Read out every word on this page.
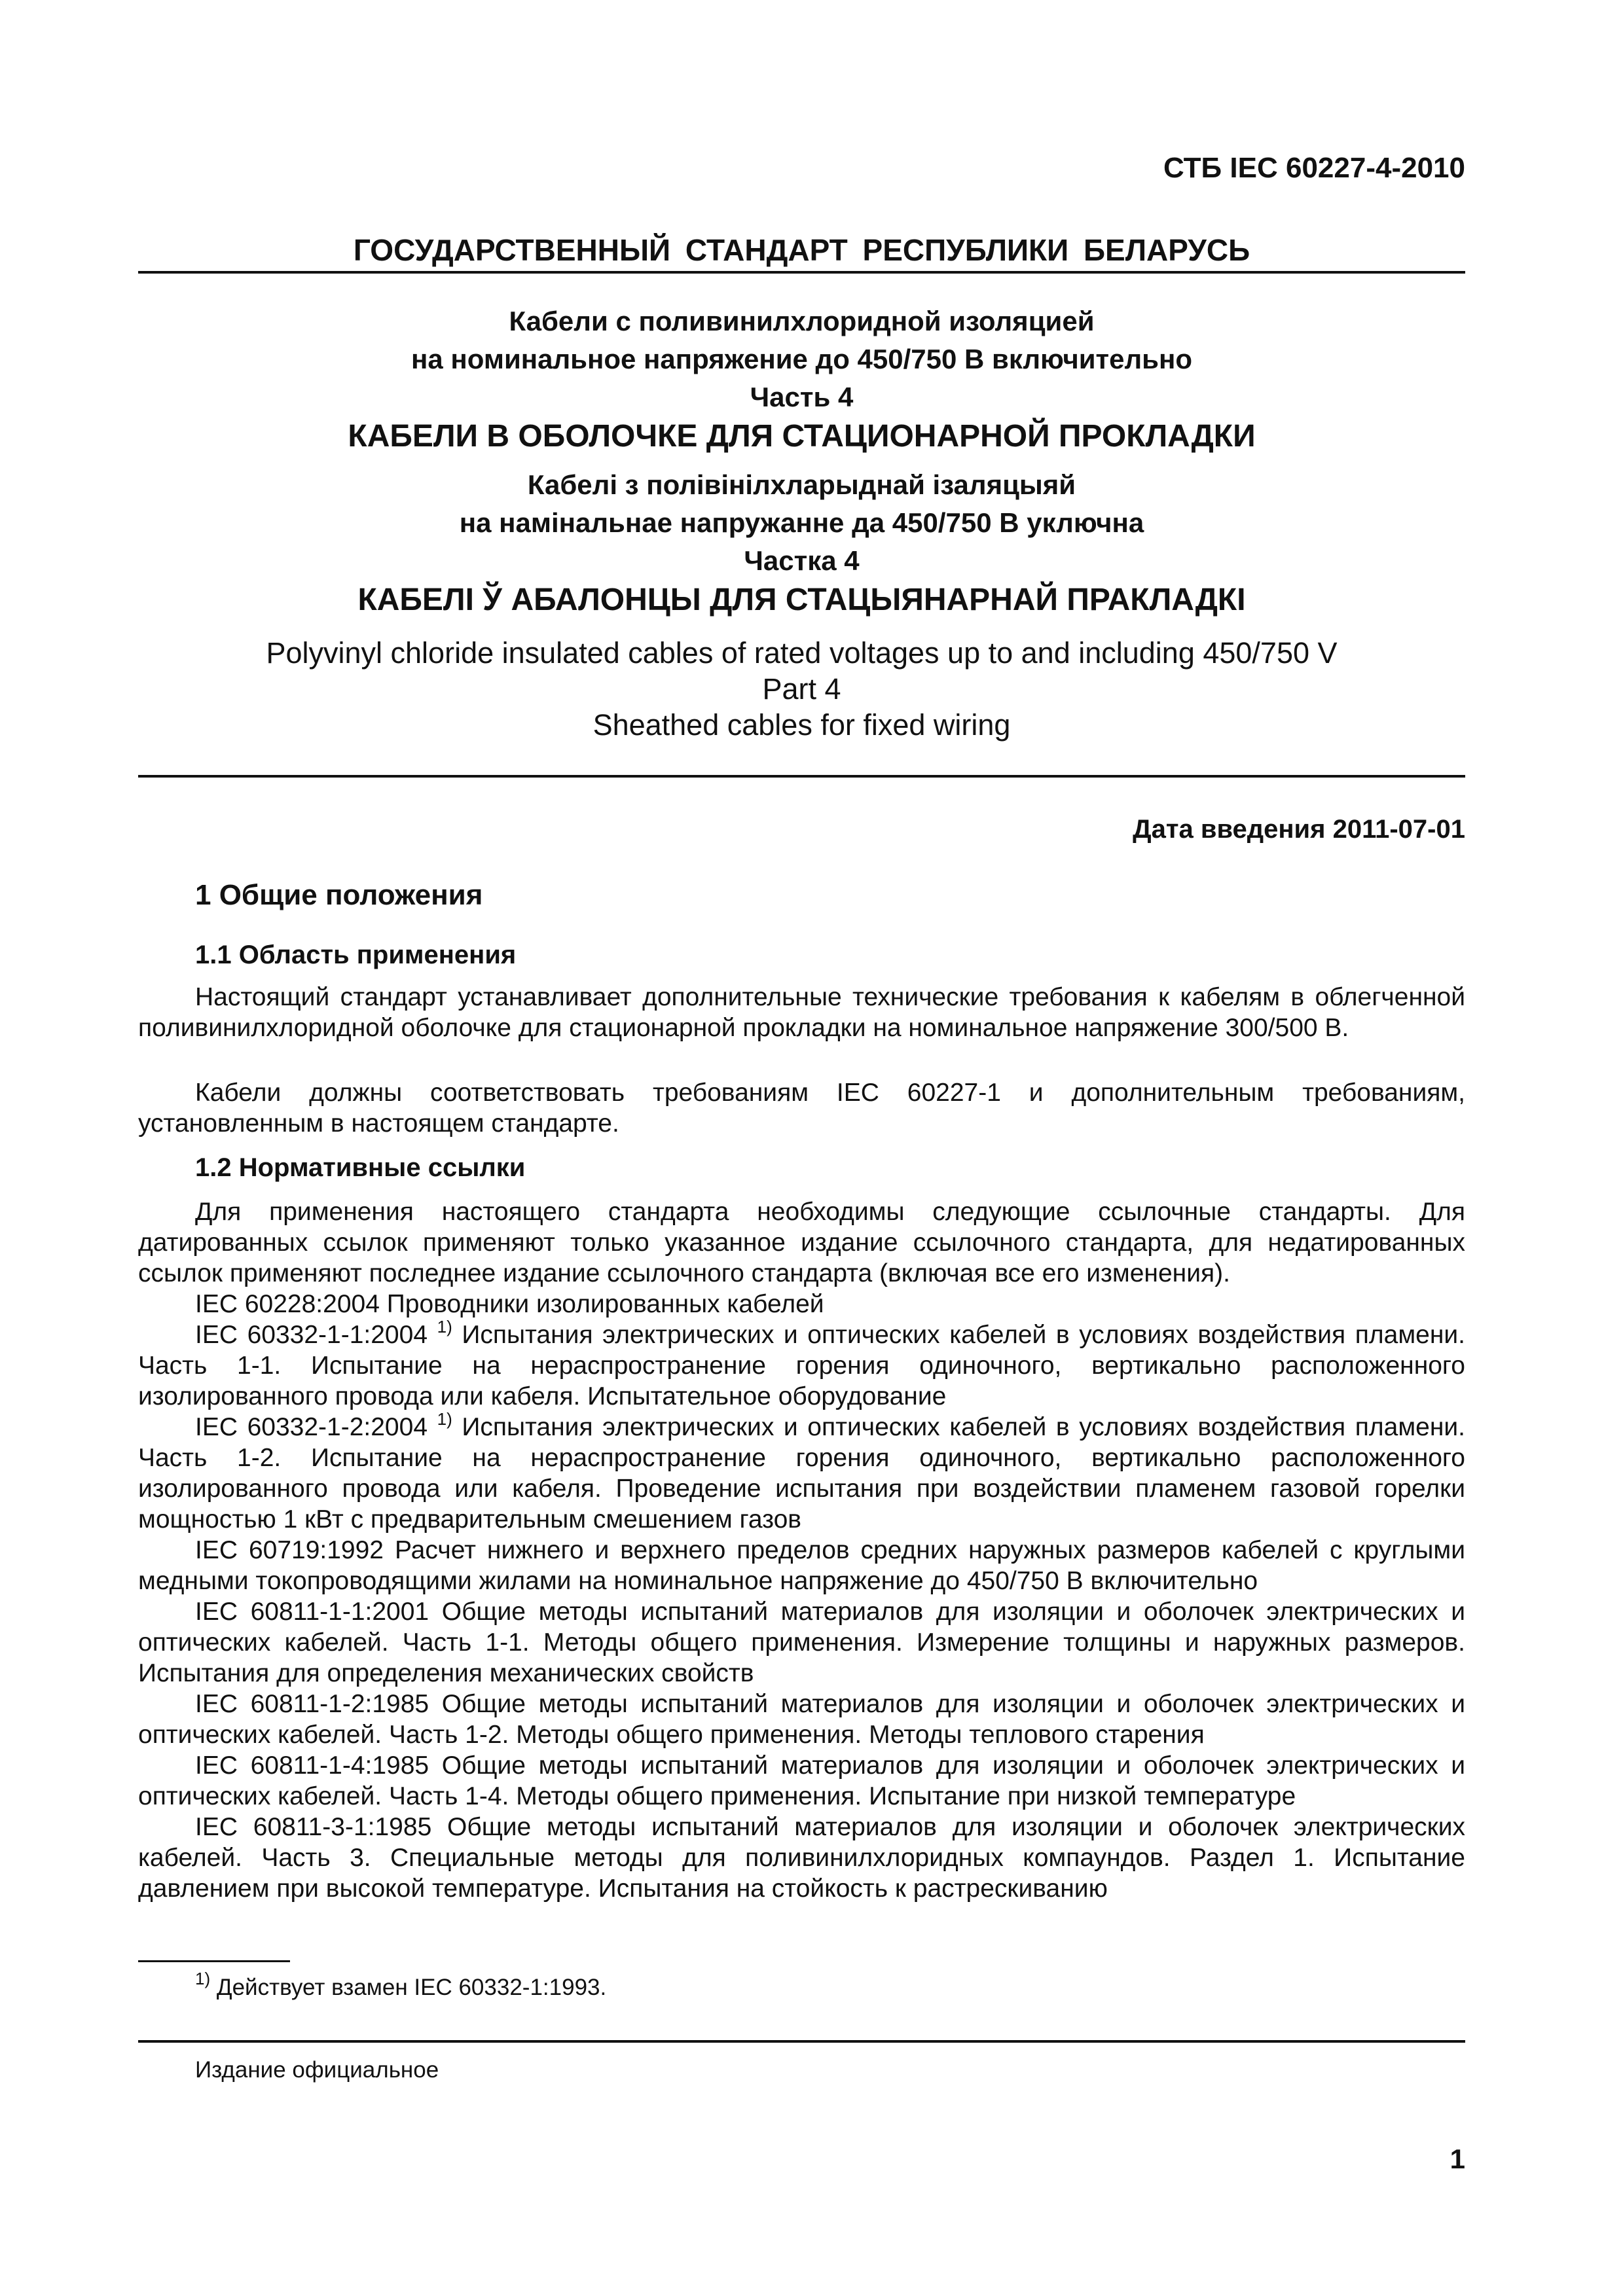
СТБ IEC 60227-4-2010
ГОСУДАРСТВЕННЫЙ СТАНДАРТ РЕСПУБЛИКИ БЕЛАРУСЬ
Кабели с поливинилхлоридной изоляцией
на номинальное напряжение до 450/750 В включительно
Часть 4
КАБЕЛИ В ОБОЛОЧКЕ ДЛЯ СТАЦИОНАРНОЙ ПРОКЛАДКИ
Кабелі з полівінілхларыднай ізаляцыяй
на намінальнае напружанне да 450/750 В уключна
Частка 4
КАБЕЛІ Ў АБАЛОНЦЫ ДЛЯ СТАЦЫЯНАРНАЙ ПРАКЛАДКІ
Polyvinyl chloride insulated cables of rated voltages up to and including 450/750 V
Part 4
Sheathed cables for fixed wiring
Дата введения 2011-07-01
1 Общие положения
1.1 Область применения

Настоящий стандарт устанавливает дополнительные технические требования к кабелям в облегченной поливинилхлоридной оболочке для стационарной прокладки на номинальное напряжение 300/500 В.

Кабели должны соответствовать требованиям IEC 60227-1 и дополнительным требованиям, установленным в настоящем стандарте.

1.2 Нормативные ссылки

Для применения настоящего стандарта необходимы следующие ссылочные стандарты. Для датированных ссылок применяют только указанное издание ссылочного стандарта, для недатированных ссылок применяют последнее издание ссылочного стандарта (включая все его изменения).

IEC 60228:2004 Проводники изолированных кабелей

IEC 60332-1-1:2004 $^{1)}$ Испытания электрических и оптических кабелей в условиях воздействия пламени. Часть 1-1. Испытание на нераспространение горения одиночного, вертикально расположенного изолированного провода или кабеля. Испытательное оборудование

IEC 60332-1-2:2004 $^{1)}$ Испытания электрических и оптических кабелей в условиях воздействия пламени. Часть 1-2. Испытание на нераспространение горения одиночного, вертикально расположенного изолированного провода или кабеля. Проведение испытания при воздействии пламенем газовой горелки мощностью 1 кВт с предварительным смешением газов

IEC 60719:1992 Расчет нижнего и верхнего пределов средних наружных размеров кабелей с круглыми медными токопроводящими жилами на номинальное напряжение до 450/750 В включительно

IEC 60811-1-1:2001 Общие методы испытаний материалов для изоляции и оболочек электрических и оптических кабелей. Часть 1-1. Методы общего применения. Измерение толщины и наружных размеров. Испытания для определения механических свойств

IEC 60811-1-2:1985 Общие методы испытаний материалов для изоляции и оболочек электрических и оптических кабелей. Часть 1-2. Методы общего применения. Методы теплового старения

IEC 60811-1-4:1985 Общие методы испытаний материалов для изоляции и оболочек электрических и оптических кабелей. Часть 1-4. Методы общего применения. Испытание при низкой температуре

IEC 60811-3-1:1985 Общие методы испытаний материалов для изоляции и оболочек электрических кабелей. Часть 3. Специальные методы для поливинилхлоридных компаундов. Раздел 1. Испытание давлением при высокой температуре. Испытания на стойкость к растрескиванию

$^{1)}$ Действует взамен IEC 60332-1:1993.
Издание официальное
1
